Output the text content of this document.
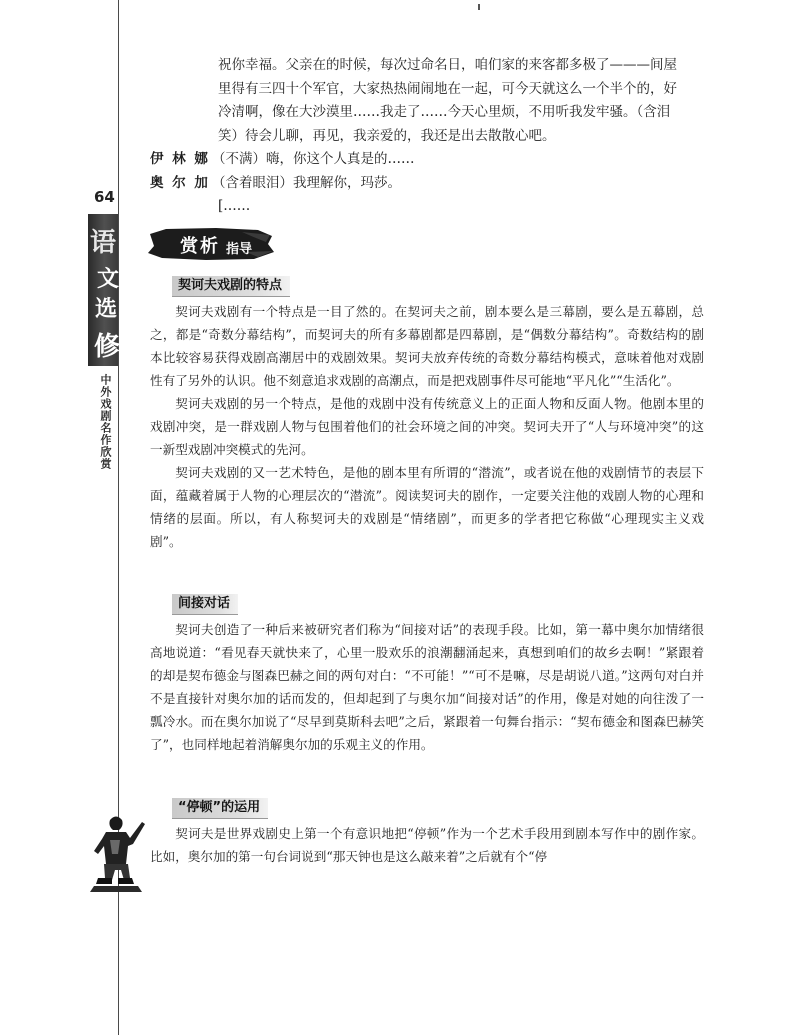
64
语
文
选
修
中外戏剧名作欣赏
祝你幸福。父亲在的时候，每次过命名日，咱们家的来客都多极了———间屋
里得有三四十个军官，大家热热闹闹地在一起，可今天就这么一个半个的，好
冷清啊，像在大沙漠里……我走了……今天心里烦，不用听我发牢骚。（含泪
笑）待会儿聊，再见，我亲爱的，我还是出去散散心吧。
伊 林 娜 （不满）嗨，你这个人真是的……
奥 尔 加 （含着眼泪）我理解你，玛莎。
[……
赏析 指导
契诃夫戏剧的特点

契诃夫戏剧有一个特点是一目了然的。在契诃夫之前，剧本要么是三幕剧，要么是五幕剧，总之，都是“奇数分幕结构”，而契诃夫的所有多幕剧都是四幕剧，是“偶数分幕结构”。奇数结构的剧本比较容易获得戏剧高潮居中的戏剧效果。契诃夫放弃传统的奇数分幕结构模式，意味着他对戏剧性有了另外的认识。他不刻意追求戏剧的高潮点，而是把戏剧事件尽可能地“平凡化”“生活化”。

契诃夫戏剧的另一个特点，是他的戏剧中没有传统意义上的正面人物和反面人物。他剧本里的戏剧冲突，是一群戏剧人物与包围着他们的社会环境之间的冲突。契诃夫开了“人与环境冲突”的这一新型戏剧冲突模式的先河。

契诃夫戏剧的又一艺术特色，是他的剧本里有所谓的“潜流”，或者说在他的戏剧情节的表层下面，蕴藏着属于人物的心理层次的“潜流”。阅读契诃夫的剧作，一定要关注他的戏剧人物的心理和情绪的层面。所以，有人称契诃夫的戏剧是“情绪剧”，而更多的学者把它称做“心理现实主义戏剧”。

间接对话

契诃夫创造了一种后来被研究者们称为“间接对话”的表现手段。比如，第一幕中奥尔加情绪很高地说道：“看见春天就快来了，心里一股欢乐的浪潮翻涌起来，真想到咱们的故乡去啊！”紧跟着的却是契布德金与图森巴赫之间的两句对白：“不可能！”“可不是嘛，尽是胡说八道。”这两句对白并不是直接针对奥尔加的话而发的，但却起到了与奥尔加“间接对话”的作用，像是对她的向往泼了一瓢冷水。而在奥尔加说了“尽早到莫斯科去吧”之后，紧跟着一句舞台指示：“契布德金和图森巴赫笑了”，也同样地起着消解奥尔加的乐观主义的作用。

“停顿”的运用

契诃夫是世界戏剧史上第一个有意识地把“停顿”作为一个艺术手段用到剧本写作中的剧作家。比如，奥尔加的第一句台词说到“那天钟也是这么敲来着”之后就有个“停
